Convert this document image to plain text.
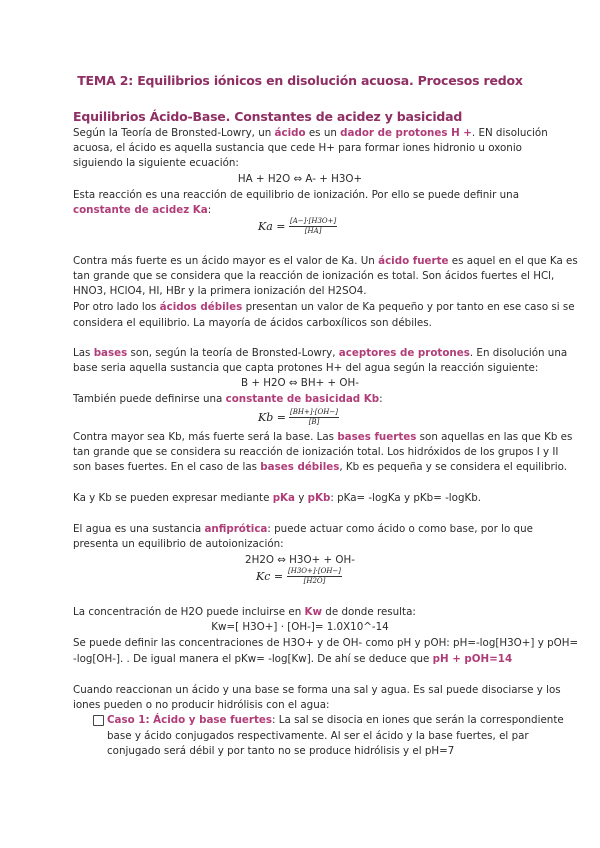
TEMA 2: Equilibrios iónicos en disolución acuosa. Procesos redox
Equilibrios Ácido-Base. Constantes de acidez y basicidad
Según la Teoría de Bronsted-Lowry, un ácido es un dador de protones H +. EN disolución
acuosa, el ácido es aquella sustancia que cede H+ para formar iones hidronio u oxonio
siguiendo la siguiente ecuación:
HA + H2O ⇔ A- + H3O+
Esta reacción es una reacción de equilibrio de ionización. Por ello se puede definir una
constante de acidez Ka:
$Ka = \frac{[A-]\cdot[H3O+]}{[HA]}$
Contra más fuerte es un ácido mayor es el valor de Ka. Un ácido fuerte es aquel en el que Ka es
tan grande que se considera que la reacción de ionización es total. Son ácidos fuertes el HCl,
HNO3, HClO4, HI, HBr y la primera ionización del H2SO4.
Por otro lado los ácidos débiles presentan un valor de Ka pequeño y por tanto en ese caso si se
considera el equilibrio. La mayoría de ácidos carboxílicos son débiles.
Las bases son, según la teoría de Bronsted-Lowry, aceptores de protones. En disolución una
base seria aquella sustancia que capta protones H+ del agua según la reacción siguiente:
B + H2O ⇔ BH+ + OH-
También puede definirse una constante de basicidad Kb:
$Kb = \frac{[BH+]\cdot[OH-]}{[B]}$
Contra mayor sea Kb, más fuerte será la base. Las bases fuertes son aquellas en las que Kb es
tan grande que se considera su reacción de ionización total. Los hidróxidos de los grupos I y II
son bases fuertes. En el caso de las bases débiles, Kb es pequeña y se considera el equilibrio.
Ka y Kb se pueden expresar mediante pKa y pKb: pKa= -logKa y pKb= -logKb.
El agua es una sustancia anfiprótica: puede actuar como ácido o como base, por lo que
presenta un equilibrio de autoionización:
2H2O ⇔ H3O+ + OH-
$Kc = \frac{[H3O+]\cdot[OH-]}{[H2O]}$
La concentración de H2O puede incluirse en Kw de donde resulta:
Kw=[ H3O+] · [OH-]= 1.0X10^-14
Se puede definir las concentraciones de H3O+ y de OH- como pH y pOH: pH=-log[H3O+] y pOH=
-log[OH-]. . De igual manera el pKw= -log[Kw]. De ahí se deduce que pH + pOH=14
Cuando reaccionan un ácido y una base se forma una sal y agua. Es sal puede disociarse y los
iones pueden o no producir hidrólisis con el agua:
Caso 1: Ácido y base fuertes: La sal se disocia en iones que serán la correspondiente
base y ácido conjugados respectivamente. Al ser el ácido y la base fuertes, el par
conjugado será débil y por tanto no se produce hidrólisis y el pH=7
